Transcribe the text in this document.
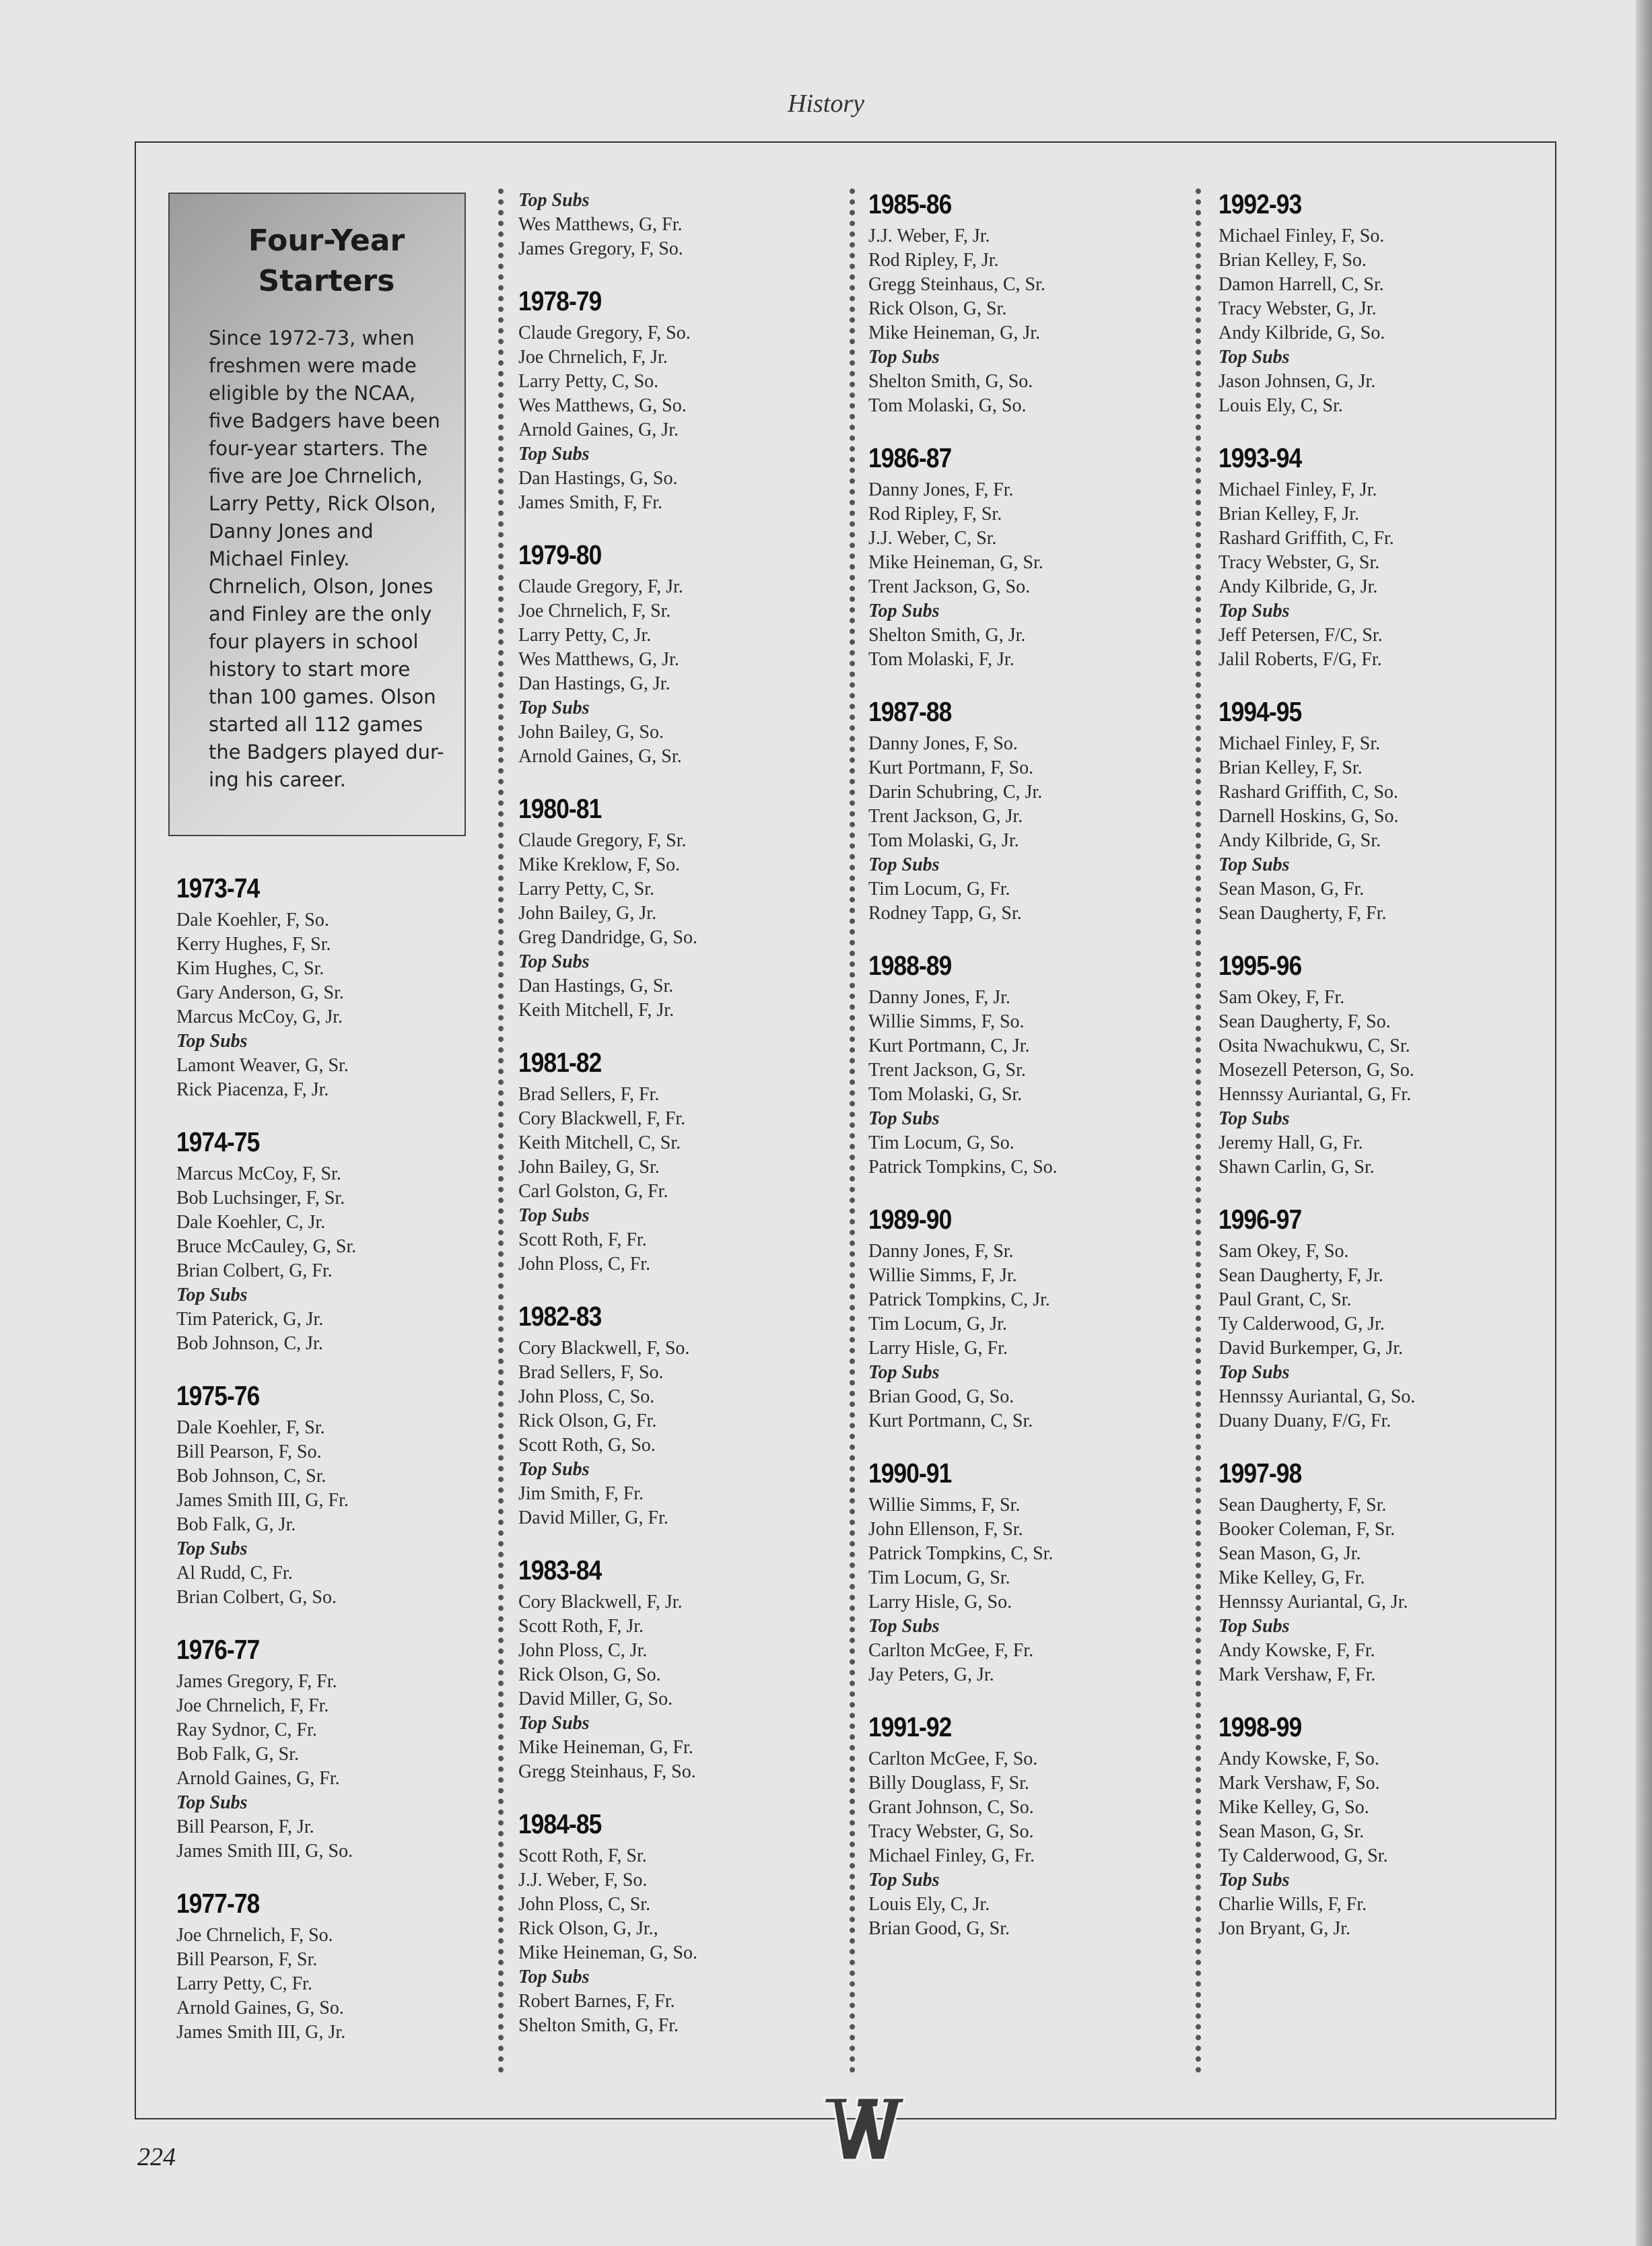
History
Four-Year Starters
Since 1972-73, when
freshmen were made
eligible by the NCAA,
five Badgers have been
four-year starters. The
five are Joe Chrnelich,
Larry Petty, Rick Olson,
Danny Jones and
Michael Finley.
Chrnelich, Olson, Jones
and Finley are the only
four players in school
history to start more
than 100 games. Olson
started all 112 games
the Badgers played dur-
ing his career.
1973-74
Dale Koehler, F, So.
Kerry Hughes, F, Sr.
Kim Hughes, C, Sr.
Gary Anderson, G, Sr.
Marcus McCoy, G, Jr.
Top Subs
Lamont Weaver, G, Sr.
Rick Piacenza, F, Jr.
1974-75
Marcus McCoy, F, Sr.
Bob Luchsinger, F, Sr.
Dale Koehler, C, Jr.
Bruce McCauley, G, Sr.
Brian Colbert, G, Fr.
Top Subs
Tim Paterick, G, Jr.
Bob Johnson, C, Jr.
1975-76
Dale Koehler, F, Sr.
Bill Pearson, F, So.
Bob Johnson, C, Sr.
James Smith III, G, Fr.
Bob Falk, G, Jr.
Top Subs
Al Rudd, C, Fr.
Brian Colbert, G, So.
1976-77
James Gregory, F, Fr.
Joe Chrnelich, F, Fr.
Ray Sydnor, C, Fr.
Bob Falk, G, Sr.
Arnold Gaines, G, Fr.
Top Subs
Bill Pearson, F, Jr.
James Smith III, G, So.
1977-78
Joe Chrnelich, F, So.
Bill Pearson, F, Sr.
Larry Petty, C, Fr.
Arnold Gaines, G, So.
James Smith III, G, Jr.
Top Subs
Wes Matthews, G, Fr.
James Gregory, F, So.
1978-79
Claude Gregory, F, So.
Joe Chrnelich, F, Jr.
Larry Petty, C, So.
Wes Matthews, G, So.
Arnold Gaines, G, Jr.
Top Subs
Dan Hastings, G, So.
James Smith, F, Fr.
1979-80
Claude Gregory, F, Jr.
Joe Chrnelich, F, Sr.
Larry Petty, C, Jr.
Wes Matthews, G, Jr.
Dan Hastings, G, Jr.
Top Subs
John Bailey, G, So.
Arnold Gaines, G, Sr.
1980-81
Claude Gregory, F, Sr.
Mike Kreklow, F, So.
Larry Petty, C, Sr.
John Bailey, G, Jr.
Greg Dandridge, G, So.
Top Subs
Dan Hastings, G, Sr.
Keith Mitchell, F, Jr.
1981-82
Brad Sellers, F, Fr.
Cory Blackwell, F, Fr.
Keith Mitchell, C, Sr.
John Bailey, G, Sr.
Carl Golston, G, Fr.
Top Subs
Scott Roth, F, Fr.
John Ploss, C, Fr.
1982-83
Cory Blackwell, F, So.
Brad Sellers, F, So.
John Ploss, C, So.
Rick Olson, G, Fr.
Scott Roth, G, So.
Top Subs
Jim Smith, F, Fr.
David Miller, G, Fr.
1983-84
Cory Blackwell, F, Jr.
Scott Roth, F, Jr.
John Ploss, C, Jr.
Rick Olson, G, So.
David Miller, G, So.
Top Subs
Mike Heineman, G, Fr.
Gregg Steinhaus, F, So.
1984-85
Scott Roth, F, Sr.
J.J. Weber, F, So.
John Ploss, C, Sr.
Rick Olson, G, Jr.,
Mike Heineman, G, So.
Top Subs
Robert Barnes, F, Fr.
Shelton Smith, G, Fr.
1985-86
J.J. Weber, F, Jr.
Rod Ripley, F, Jr.
Gregg Steinhaus, C, Sr.
Rick Olson, G, Sr.
Mike Heineman, G, Jr.
Top Subs
Shelton Smith, G, So.
Tom Molaski, G, So.
1986-87
Danny Jones, F, Fr.
Rod Ripley, F, Sr.
J.J. Weber, C, Sr.
Mike Heineman, G, Sr.
Trent Jackson, G, So.
Top Subs
Shelton Smith, G, Jr.
Tom Molaski, F, Jr.
1987-88
Danny Jones, F, So.
Kurt Portmann, F, So.
Darin Schubring, C, Jr.
Trent Jackson, G, Jr.
Tom Molaski, G, Jr.
Top Subs
Tim Locum, G, Fr.
Rodney Tapp, G, Sr.
1988-89
Danny Jones, F, Jr.
Willie Simms, F, So.
Kurt Portmann, C, Jr.
Trent Jackson, G, Sr.
Tom Molaski, G, Sr.
Top Subs
Tim Locum, G, So.
Patrick Tompkins, C, So.
1989-90
Danny Jones, F, Sr.
Willie Simms, F, Jr.
Patrick Tompkins, C, Jr.
Tim Locum, G, Jr.
Larry Hisle, G, Fr.
Top Subs
Brian Good, G, So.
Kurt Portmann, C, Sr.
1990-91
Willie Simms, F, Sr.
John Ellenson, F, Sr.
Patrick Tompkins, C, Sr.
Tim Locum, G, Sr.
Larry Hisle, G, So.
Top Subs
Carlton McGee, F, Fr.
Jay Peters, G, Jr.
1991-92
Carlton McGee, F, So.
Billy Douglass, F, Sr.
Grant Johnson, C, So.
Tracy Webster, G, So.
Michael Finley, G, Fr.
Top Subs
Louis Ely, C, Jr.
Brian Good, G, Sr.
1992-93
Michael Finley, F, So.
Brian Kelley, F, So.
Damon Harrell, C, Sr.
Tracy Webster, G, Jr.
Andy Kilbride, G, So.
Top Subs
Jason Johnsen, G, Jr.
Louis Ely, C, Sr.
1993-94
Michael Finley, F, Jr.
Brian Kelley, F, Jr.
Rashard Griffith, C, Fr.
Tracy Webster, G, Sr.
Andy Kilbride, G, Jr.
Top Subs
Jeff Petersen, F/C, Sr.
Jalil Roberts, F/G, Fr.
1994-95
Michael Finley, F, Sr.
Brian Kelley, F, Sr.
Rashard Griffith, C, So.
Darnell Hoskins, G, So.
Andy Kilbride, G, Sr.
Top Subs
Sean Mason, G, Fr.
Sean Daugherty, F, Fr.
1995-96
Sam Okey, F, Fr.
Sean Daugherty, F, So.
Osita Nwachukwu, C, Sr.
Mosezell Peterson, G, So.
Hennssy Auriantal, G, Fr.
Top Subs
Jeremy Hall, G, Fr.
Shawn Carlin, G, Sr.
1996-97
Sam Okey, F, So.
Sean Daugherty, F, Jr.
Paul Grant, C, Sr.
Ty Calderwood, G, Jr.
David Burkemper, G, Jr.
Top Subs
Hennssy Auriantal, G, So.
Duany Duany, F/G, Fr.
1997-98
Sean Daugherty, F, Sr.
Booker Coleman, F, Sr.
Sean Mason, G, Jr.
Mike Kelley, G, Fr.
Hennssy Auriantal, G, Jr.
Top Subs
Andy Kowske, F, Fr.
Mark Vershaw, F, Fr.
1998-99
Andy Kowske, F, So.
Mark Vershaw, F, So.
Mike Kelley, G, So.
Sean Mason, G, Sr.
Ty Calderwood, G, Sr.
Top Subs
Charlie Wills, F, Fr.
Jon Bryant, G, Jr.
224
